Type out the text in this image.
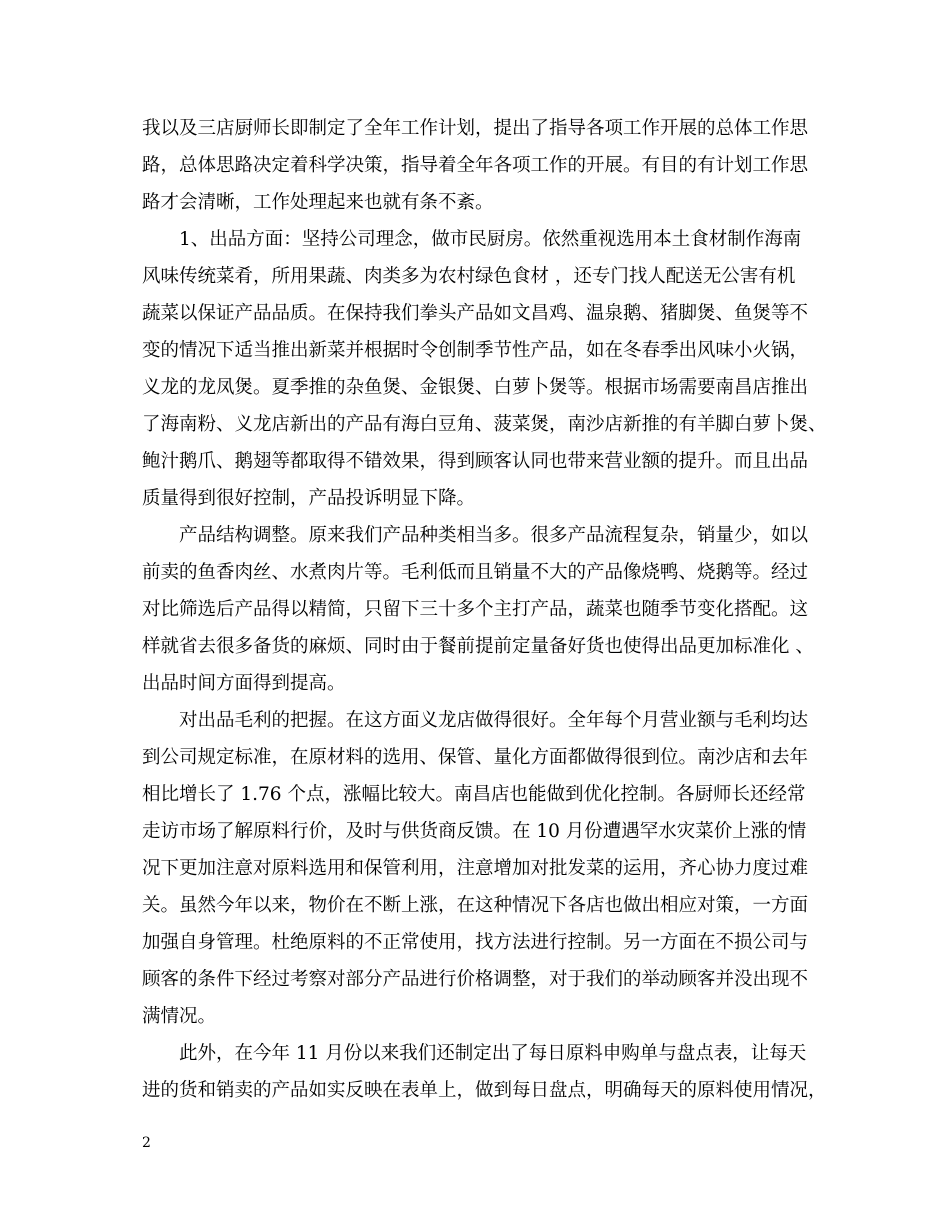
我以及三店厨师长即制定了全年工作计划，提出了指导各项工作开展的总体工作思
路，总体思路决定着科学决策，指导着全年各项工作的开展。有目的有计划工作思
路才会清晰，工作处理起来也就有条不紊。
1、出品方面：坚持公司理念，做市民厨房。依然重视选用本土食材制作海南
风味传统菜肴，所用果蔬、肉类多为农村绿色食材 ，还专门找人配送无公害有机
蔬菜以保证产品品质。在保持我们拳头产品如文昌鸡、温泉鹅、猪脚煲、鱼煲等不
变的情况下适当推出新菜并根据时令创制季节性产品，如在冬春季出风味小火锅，
义龙的龙凤煲。夏季推的杂鱼煲、金银煲、白萝卜煲等。根据市场需要南昌店推出
了海南粉、义龙店新出的产品有海白豆角、菠菜煲，南沙店新推的有羊脚白萝卜煲、
鲍汁鹅爪、鹅翅等都取得不错效果，得到顾客认同也带来营业额的提升。而且出品
质量得到很好控制，产品投诉明显下降。
产品结构调整。原来我们产品种类相当多。很多产品流程复杂，销量少，如以
前卖的鱼香肉丝、水煮肉片等。毛利低而且销量不大的产品像烧鸭、烧鹅等。经过
对比筛选后产品得以精简，只留下三十多个主打产品，蔬菜也随季节变化搭配。这
样就省去很多备货的麻烦、同时由于餐前提前定量备好货也使得出品更加标准化 、
出品时间方面得到提高。
对出品毛利的把握。在这方面义龙店做得很好。全年每个月营业额与毛利均达
到公司规定标准，在原材料的选用、保管、量化方面都做得很到位。南沙店和去年
相比增长了 1.76 个点，涨幅比较大。南昌店也能做到优化控制。各厨师长还经常
走访市场了解原料行价，及时与供货商反馈。在 10 月份遭遇罕水灾菜价上涨的情
况下更加注意对原料选用和保管利用，注意增加对批发菜的运用，齐心协力度过难
关。虽然今年以来，物价在不断上涨，在这种情况下各店也做出相应对策，一方面
加强自身管理。杜绝原料的不正常使用，找方法进行控制。另一方面在不损公司与
顾客的条件下经过考察对部分产品进行价格调整，对于我们的举动顾客并没出现不
满情况。
此外，在今年 11 月份以来我们还制定出了每日原料申购单与盘点表，让每天
进的货和销卖的产品如实反映在表单上，做到每日盘点，明确每天的原料使用情况，
2
